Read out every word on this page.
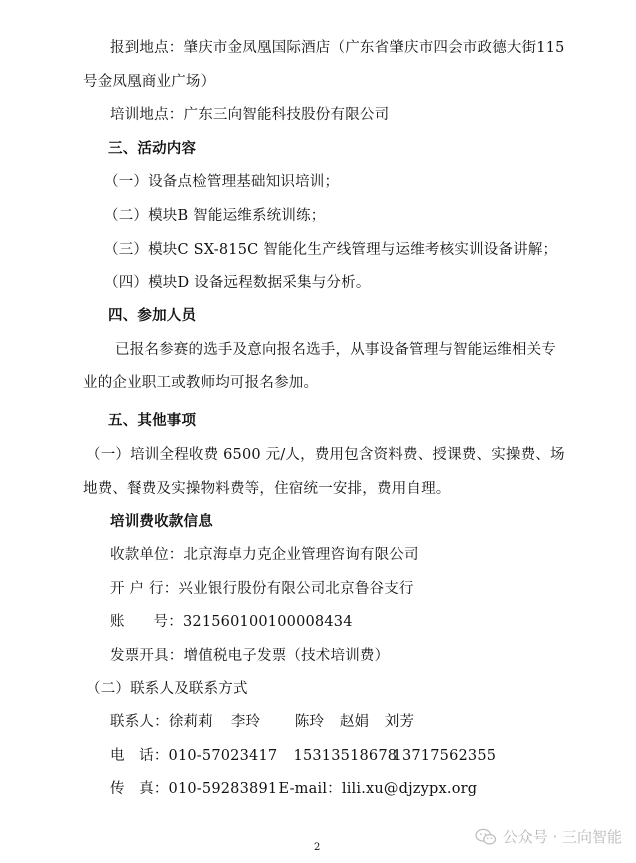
报到地点：肇庆市金凤凰国际酒店（广东省肇庆市四会市政德大街115
号金凤凰商业广场）
培训地点：广东三向智能科技股份有限公司
三、活动内容
（一）设备点检管理基础知识培训；
（二）模块B 智能运维系统训练；
（三）模块C SX-815C 智能化生产线管理与运维考核实训设备讲解；
（四）模块D 设备远程数据采集与分析。
四、参加人员
已报名参赛的选手及意向报名选手，从事设备管理与智能运维相关专
业的企业职工或教师均可报名参加。
五、其他事项
（一）培训全程收费 6500 元/人，费用包含资料费、授课费、实操费、场
地费、餐费及实操物料费等，住宿统一安排，费用自理。
培训费收款信息
收款单位：北京海卓力克企业管理咨询有限公司
开 户 行：兴业银行股份有限公司北京鲁谷支行
账      号：321560100100008434
发票开具：增值税电子发票（技术培训费）
（二）联系人及联系方式
联系人：徐莉莉 李玲 陈玲 赵娟 刘芳
电   话：010-57023417 1531351867813717562355
传   真：010-59283891E-mail：lili.xu@djzypx.org
2
公众号 · 三向智能
